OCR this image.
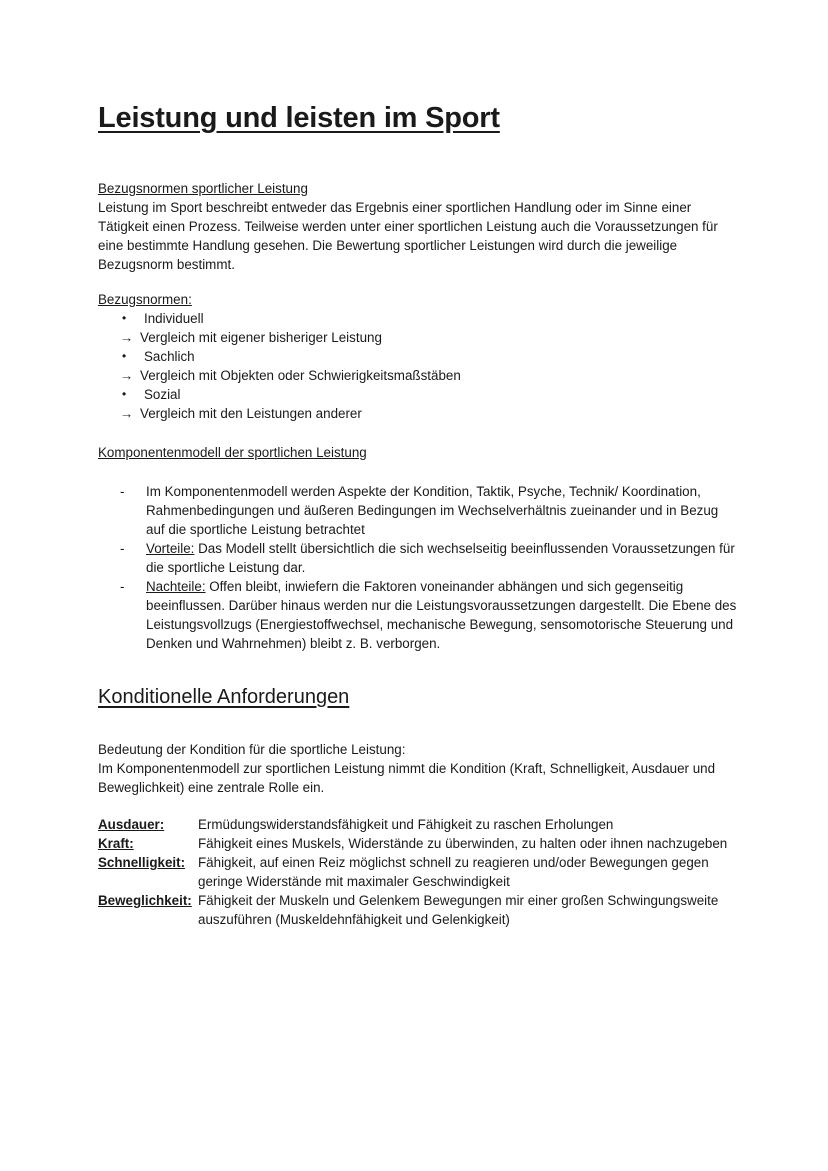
Leistung und leisten im Sport

Bezugsnormen sportlicher Leistung

Leistung im Sport beschreibt entweder das Ergebnis einer sportlichen Handlung oder im Sinne einer Tätigkeit einen Prozess. Teilweise werden unter einer sportlichen Leistung auch die Voraussetzungen für eine bestimmte Handlung gesehen. Die Bewertung sportlicher Leistungen wird durch die jeweilige Bezugsnorm bestimmt.

Bezugsnormen:

•	Individuell
→ Vergleich mit eigener bisheriger Leistung
•	Sachlich
→ Vergleich mit Objekten oder Schwierigkeitsmaßstäben
•	Sozial
→ Vergleich mit den Leistungen anderer

Komponentenmodell der sportlichen Leistung

-	Im Komponentenmodell werden Aspekte der Kondition, Taktik, Psyche, Technik/ Koordination, Rahmenbedingungen und äußeren Bedingungen im Wechselverhältnis zueinander und in Bezug auf die sportliche Leistung betrachtet
-	Vorteile: Das Modell stellt übersichtlich die sich wechselseitig beeinflussenden Voraussetzungen für die sportliche Leistung dar.
-	Nachteile: Offen bleibt, inwiefern die Faktoren voneinander abhängen und sich gegenseitig beeinflussen. Darüber hinaus werden nur die Leistungsvoraussetzungen dargestellt. Die Ebene des Leistungsvollzugs (Energiestoffwechsel, mechanische Bewegung, sensomotorische Steuerung und Denken und Wahrnehmen) bleibt z. B. verborgen.
Konditionelle Anforderungen

Bedeutung der Kondition für die sportliche Leistung:

Im Komponentenmodell zur sportlichen Leistung nimmt die Kondition (Kraft, Schnelligkeit, Ausdauer und Beweglichkeit) eine zentrale Rolle ein.

Ausdauer:	Ermüdungswiderstandsfähigkeit und Fähigkeit zu raschen Erholungen
Kraft:	Fähigkeit eines Muskels, Widerstände zu überwinden, zu halten oder ihnen nachzugeben
Schnelligkeit: Fähigkeit, auf einen Reiz möglichst schnell zu reagieren und/oder Bewegungen gegen geringe Widerstände mit maximaler Geschwindigkeit
Beweglichkeit: Fähigkeit der Muskeln und Gelenkem Bewegungen mir einer großen Schwingungsweite auszuführen (Muskeldehnfähigkeit und Gelenkigkeit)
